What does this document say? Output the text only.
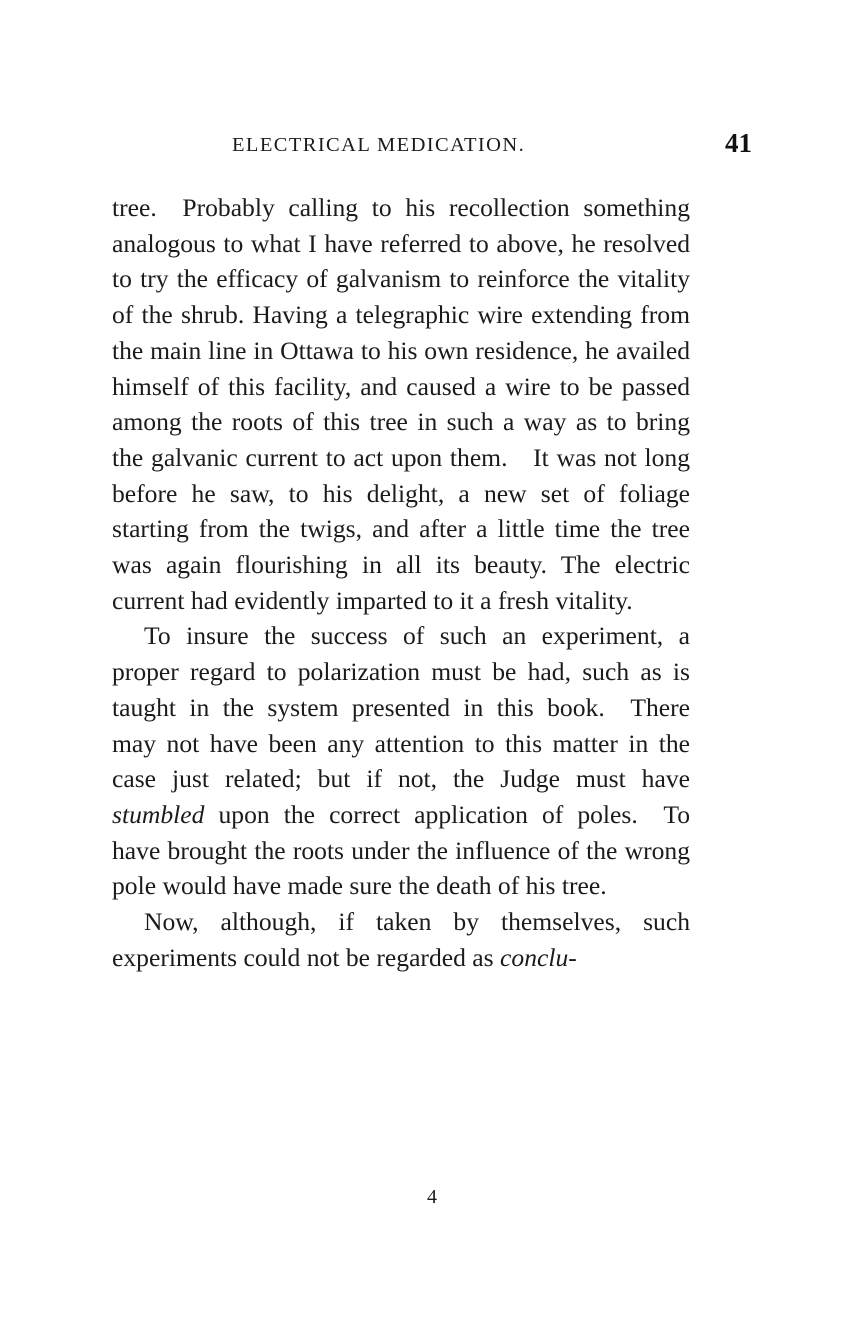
ELECTRICAL MEDICATION.	41

tree. Probably calling to his recollection something analogous to what I have referred to above, he resolved to try the efficacy of galvanism to reinforce the vitality of the shrub. Having a telegraphic wire extending from the main line in Ottawa to his own residence, he availed himself of this facility, and caused a wire to be passed among the roots of this tree in such a way as to bring the galvanic current to act upon them. It was not long before he saw, to his delight, a new set of foliage starting from the twigs, and after a little time the tree was again flourishing in all its beauty. The electric current had evidently imparted to it a fresh vitality.

To insure the success of such an experiment, a proper regard to polarization must be had, such as is taught in the system presented in this book. There may not have been any attention to this matter in the case just related; but if not, the Judge must have stumbled upon the correct application of poles. To have brought the roots under the influence of the wrong pole would have made sure the death of his tree.

Now, although, if taken by themselves, such experiments could not be regarded as conclu-

4
